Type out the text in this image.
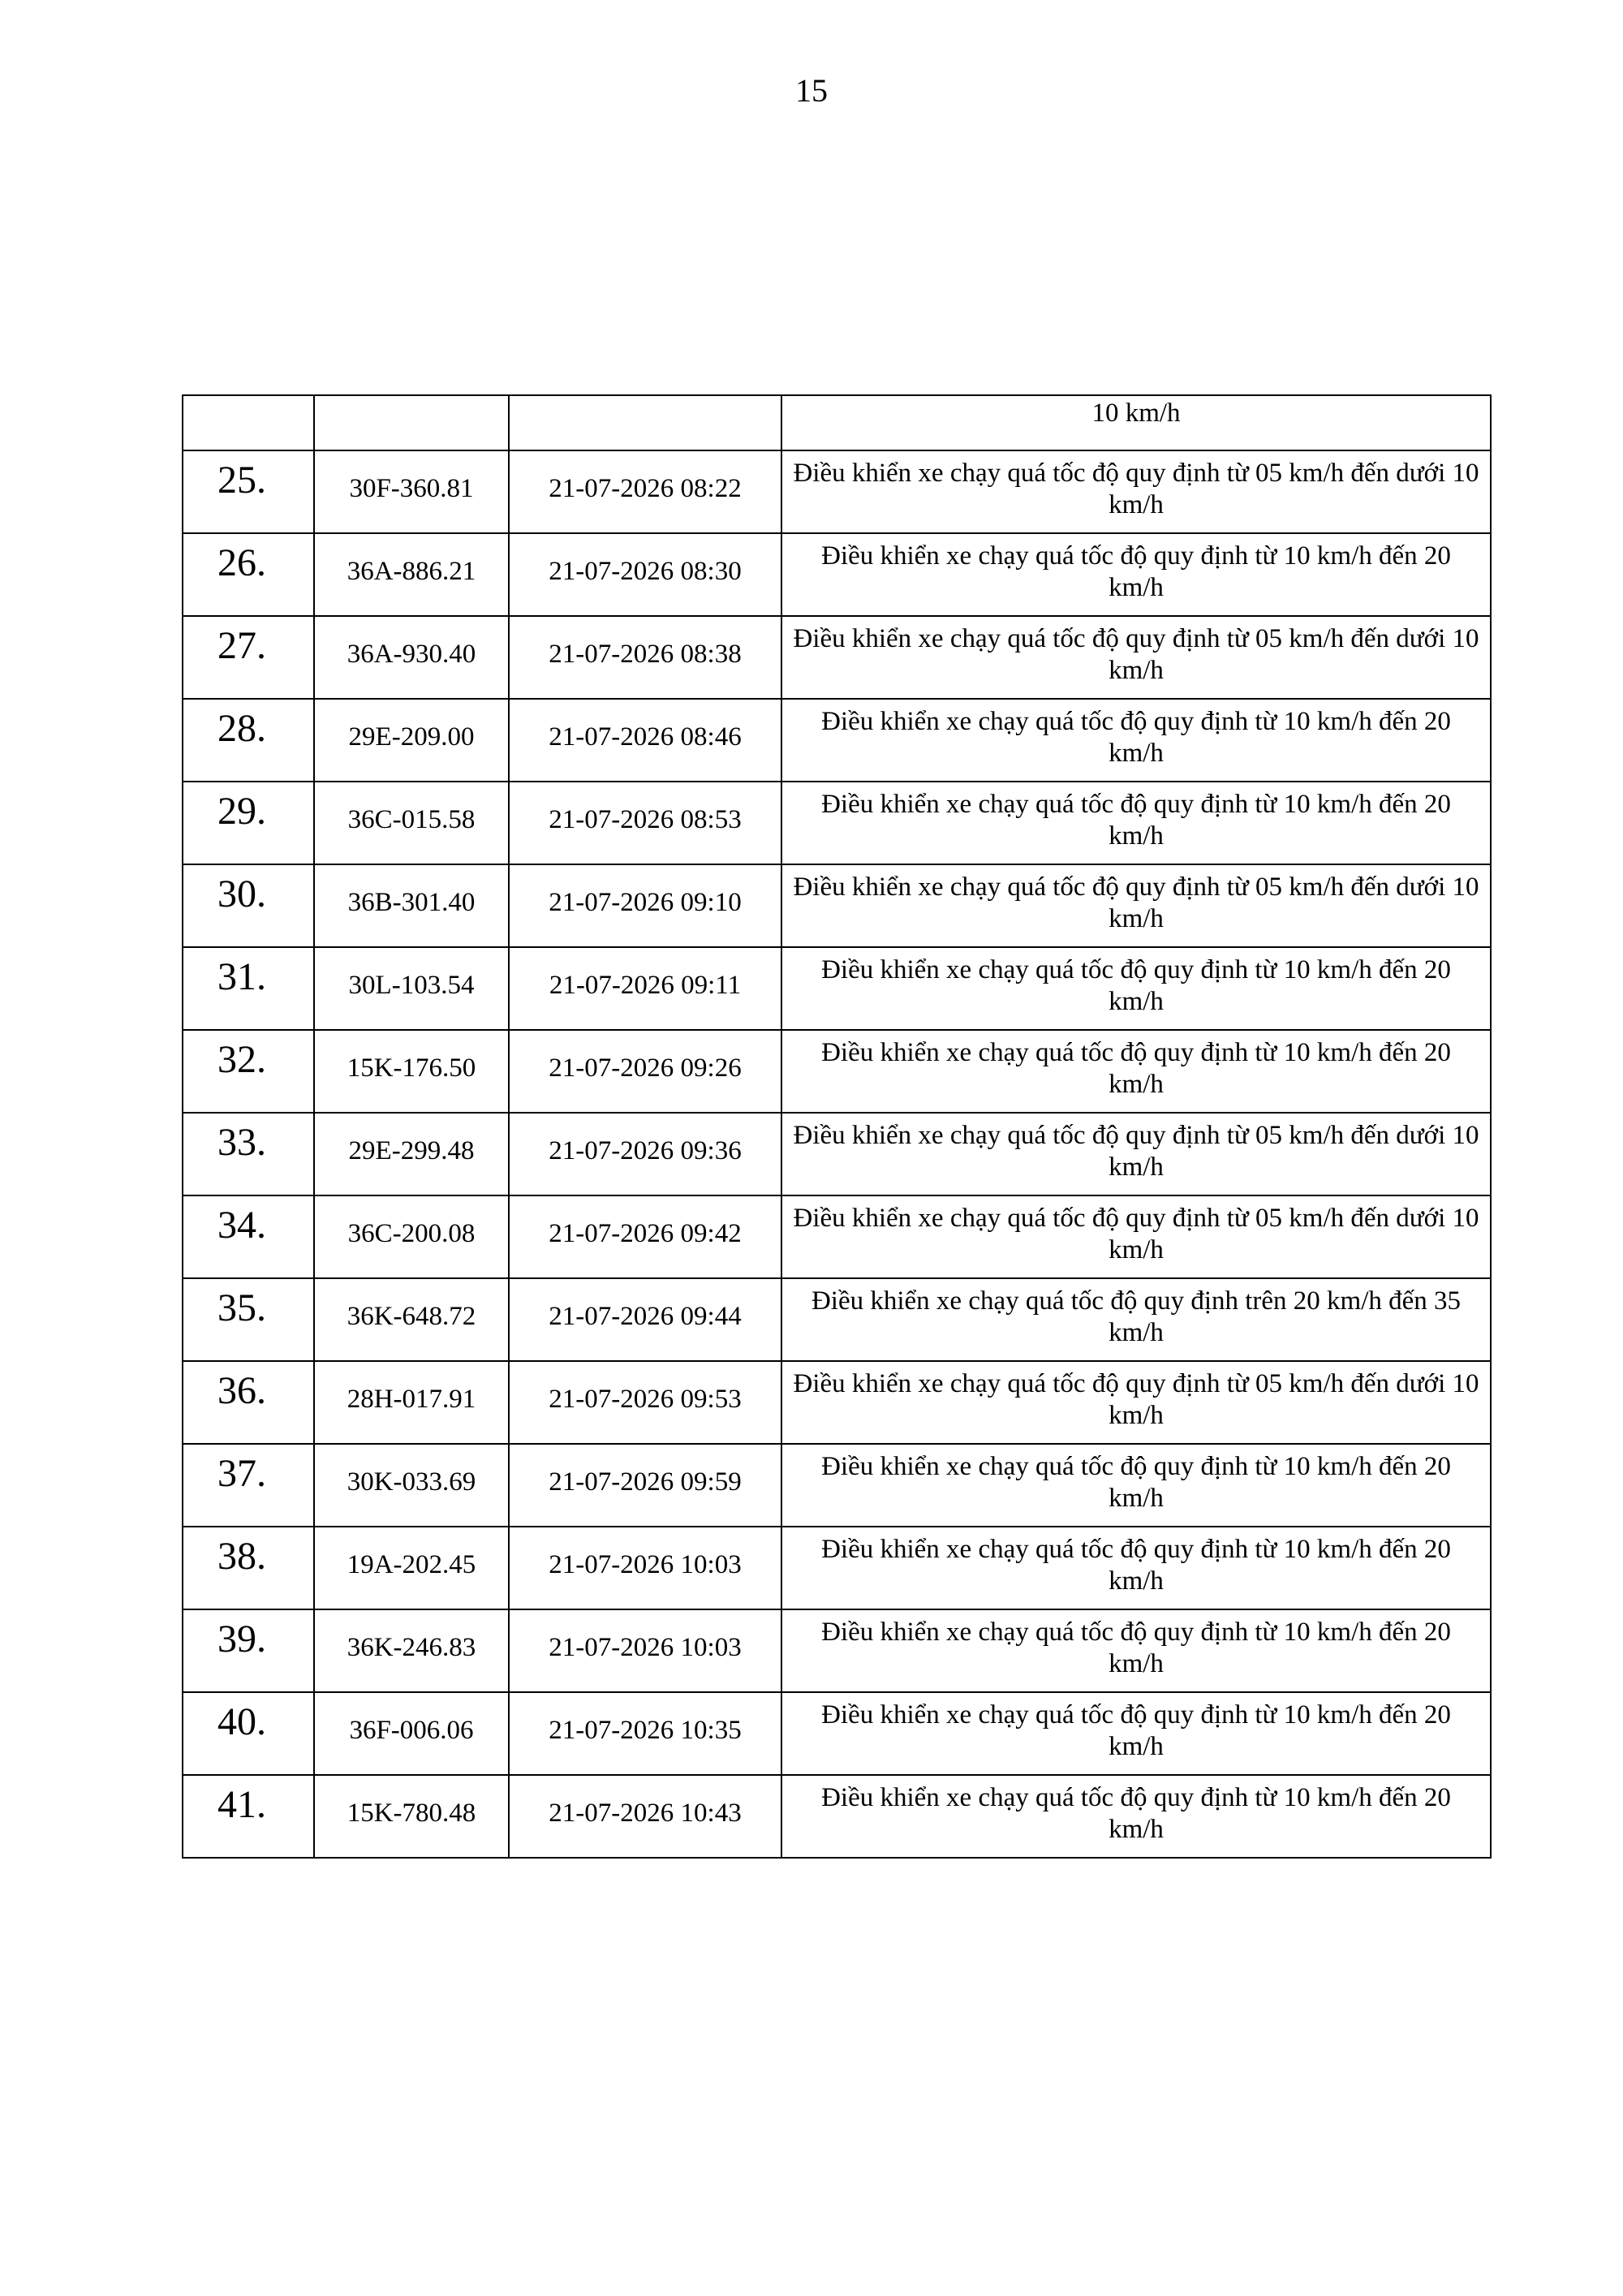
15
			10 km/h
25.	30F-360.81	21-07-2026 08:22	Điều khiển xe chạy quá tốc độ quy định từ 05 km/h đến dưới 10 km/h
26.	36A-886.21	21-07-2026 08:30	Điều khiển xe chạy quá tốc độ quy định từ 10 km/h đến 20 km/h
27.	36A-930.40	21-07-2026 08:38	Điều khiển xe chạy quá tốc độ quy định từ 05 km/h đến dưới 10 km/h
28.	29E-209.00	21-07-2026 08:46	Điều khiển xe chạy quá tốc độ quy định từ 10 km/h đến 20 km/h
29.	36C-015.58	21-07-2026 08:53	Điều khiển xe chạy quá tốc độ quy định từ 10 km/h đến 20 km/h
30.	36B-301.40	21-07-2026 09:10	Điều khiển xe chạy quá tốc độ quy định từ 05 km/h đến dưới 10 km/h
31.	30L-103.54	21-07-2026 09:11	Điều khiển xe chạy quá tốc độ quy định từ 10 km/h đến 20 km/h
32.	15K-176.50	21-07-2026 09:26	Điều khiển xe chạy quá tốc độ quy định từ 10 km/h đến 20 km/h
33.	29E-299.48	21-07-2026 09:36	Điều khiển xe chạy quá tốc độ quy định từ 05 km/h đến dưới 10 km/h
34.	36C-200.08	21-07-2026 09:42	Điều khiển xe chạy quá tốc độ quy định từ 05 km/h đến dưới 10 km/h
35.	36K-648.72	21-07-2026 09:44	Điều khiển xe chạy quá tốc độ quy định trên 20 km/h đến 35 km/h
36.	28H-017.91	21-07-2026 09:53	Điều khiển xe chạy quá tốc độ quy định từ 05 km/h đến dưới 10 km/h
37.	30K-033.69	21-07-2026 09:59	Điều khiển xe chạy quá tốc độ quy định từ 10 km/h đến 20 km/h
38.	19A-202.45	21-07-2026 10:03	Điều khiển xe chạy quá tốc độ quy định từ 10 km/h đến 20 km/h
39.	36K-246.83	21-07-2026 10:03	Điều khiển xe chạy quá tốc độ quy định từ 10 km/h đến 20 km/h
40.	36F-006.06	21-07-2026 10:35	Điều khiển xe chạy quá tốc độ quy định từ 10 km/h đến 20 km/h
41.	15K-780.48	21-07-2026 10:43	Điều khiển xe chạy quá tốc độ quy định từ 10 km/h đến 20 km/h
